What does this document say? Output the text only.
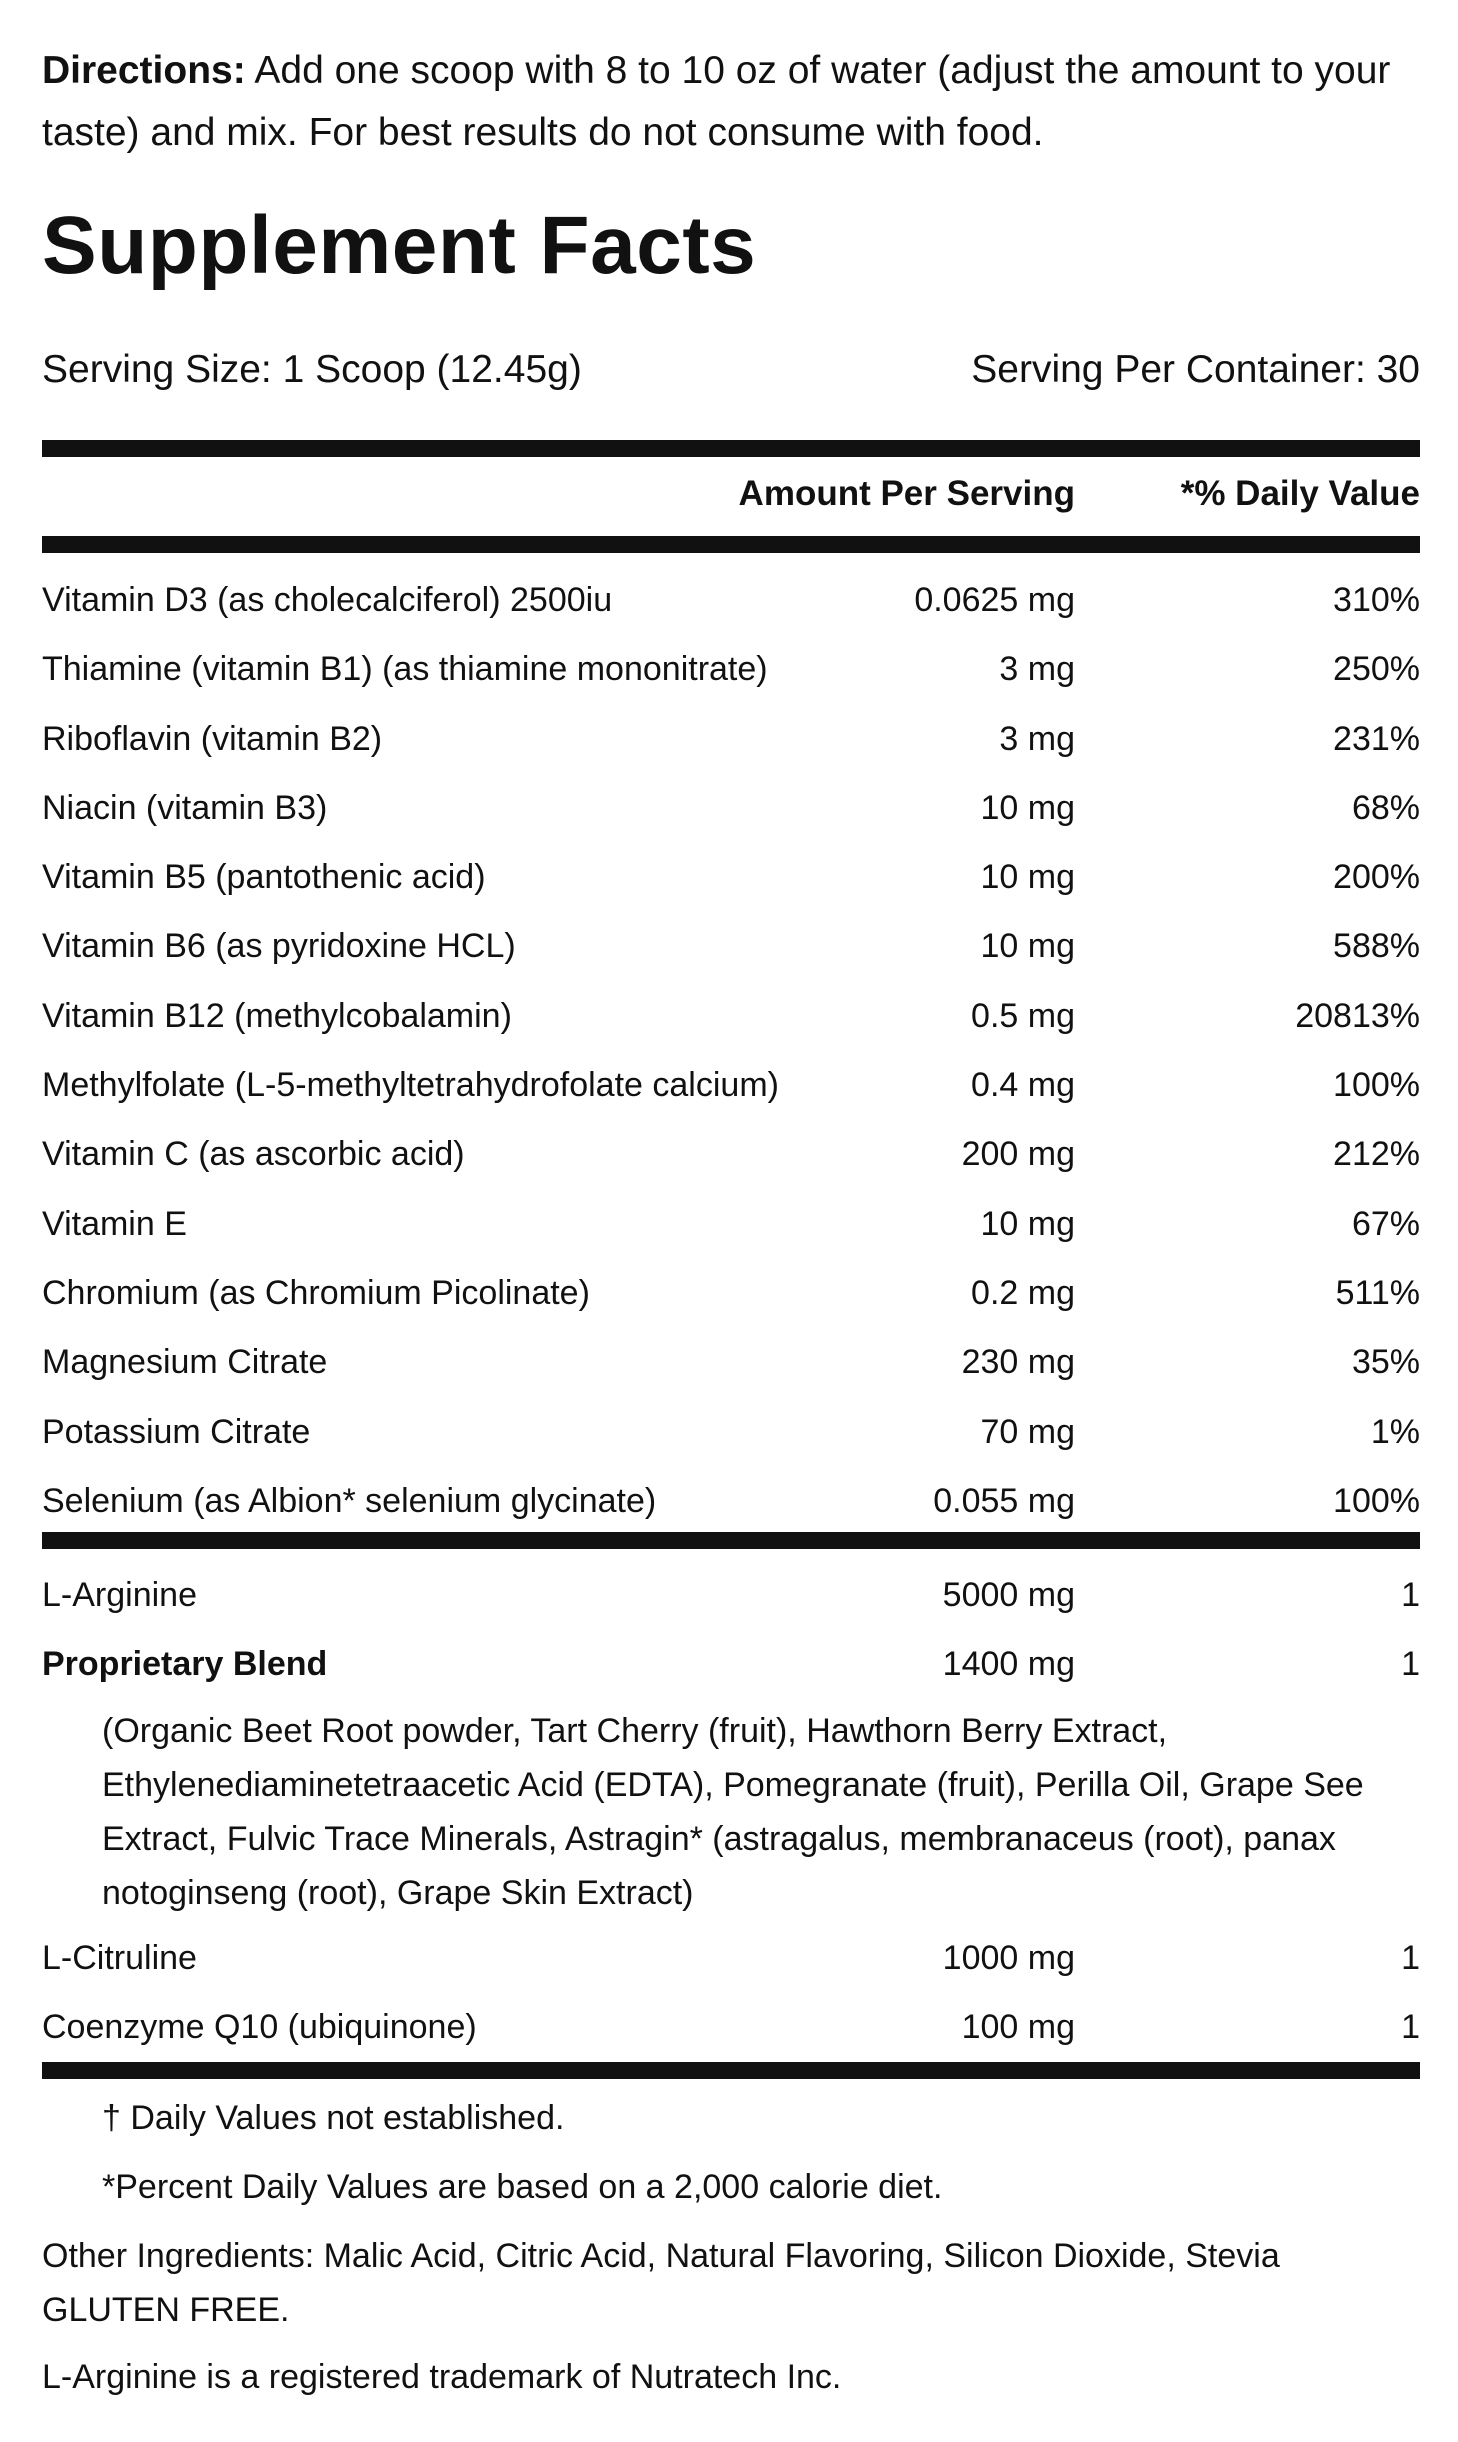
Directions: Add one scoop with 8 to 10 oz of water (adjust the amount to your taste) and mix. For best results do not consume with food.
Supplement Facts
Serving Size: 1 Scoop (12.45g)	Serving Per Container: 30
Amount Per Serving	*% Daily Value
Vitamin D3 (as cholecalciferol) 2500iu	0.0625 mg	310%
Thiamine (vitamin B1) (as thiamine mononitrate)	3 mg	250%
Riboflavin (vitamin B2)	3 mg	231%
Niacin (vitamin B3)	10 mg	68%
Vitamin B5 (pantothenic acid)	10 mg	200%
Vitamin B6 (as pyridoxine HCL)	10 mg	588%
Vitamin B12 (methylcobalamin)	0.5 mg	20813%
Methylfolate (L-5-methyltetrahydrofolate calcium)	0.4 mg	100%
Vitamin C (as ascorbic acid)	200 mg	212%
Vitamin E	10 mg	67%
Chromium (as Chromium Picolinate)	0.2 mg	511%
Magnesium Citrate	230 mg	35%
Potassium Citrate	70 mg	1%
Selenium (as Albion* selenium glycinate)	0.055 mg	100%
L-Arginine	5000 mg	1
Proprietary Blend	1400 mg	1
(Organic Beet Root powder, Tart Cherry (fruit), Hawthorn Berry Extract, Ethylenediaminetetraacetic Acid (EDTA), Pomegranate (fruit), Perilla Oil, Grape See Extract, Fulvic Trace Minerals, Astragin* (astragalus, membranaceus (root), panax notoginseng (root), Grape Skin Extract)
L-Citruline	1000 mg	1
Coenzyme Q10 (ubiquinone)	100 mg	1
† Daily Values not established.
*Percent Daily Values are based on a 2,000 calorie diet.
Other Ingredients: Malic Acid, Citric Acid, Natural Flavoring, Silicon Dioxide, Stevia
GLUTEN FREE.
L-Arginine is a registered trademark of Nutratech Inc.
